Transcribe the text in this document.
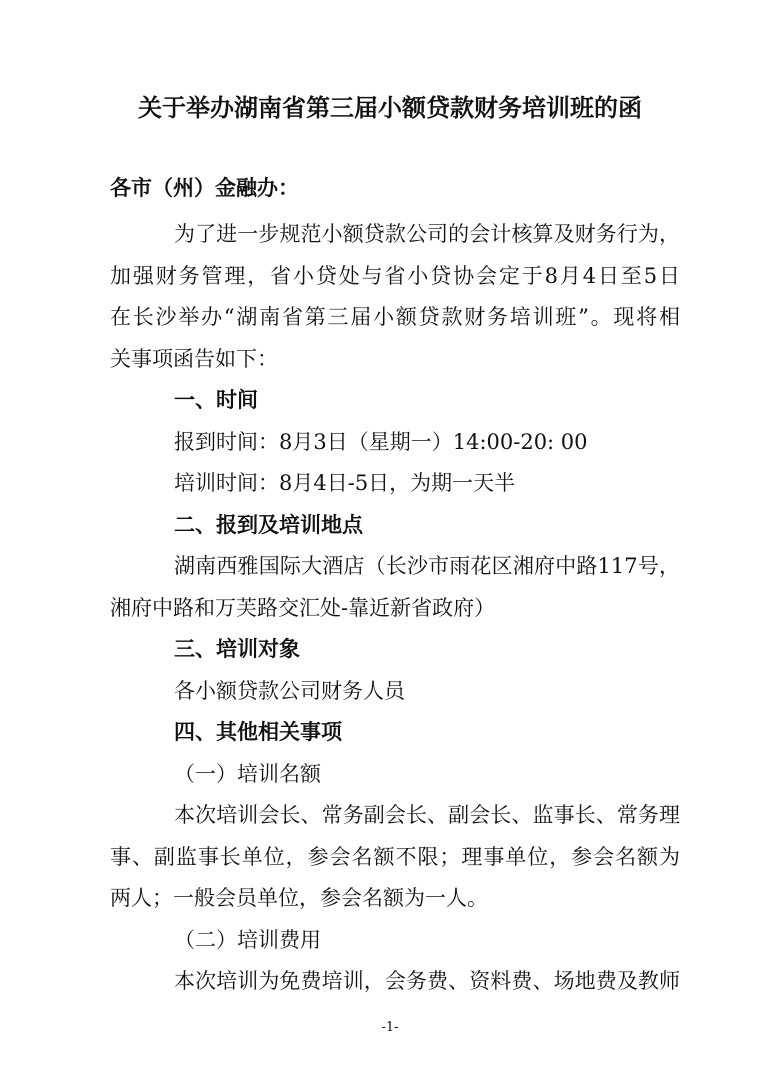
关于举办湖南省第三届小额贷款财务培训班的函

各市（州）金融办：

为了进一步规范小额贷款公司的会计核算及财务行为，
加强财务管理，省小贷处与省小贷协会定于8月4日至5日
在长沙举办“湖南省第三届小额贷款财务培训班”。现将相
关事项函告如下：
一、时间
报到时间：8月3日（星期一）14:00-20: 00
培训时间：8月4日-5日，为期一天半
二、报到及培训地点
湖南西雅国际大酒店（长沙市雨花区湘府中路117号，
湘府中路和万芙路交汇处-靠近新省政府）
三、培训对象
各小额贷款公司财务人员
四、其他相关事项
（一）培训名额
本次培训会长、常务副会长、副会长、监事长、常务理
事、副监事长单位，参会名额不限；理事单位，参会名额为
两人；一般会员单位，参会名额为一人。
（二）培训费用
本次培训为免费培训，会务费、资料费、场地费及教师
-1-
